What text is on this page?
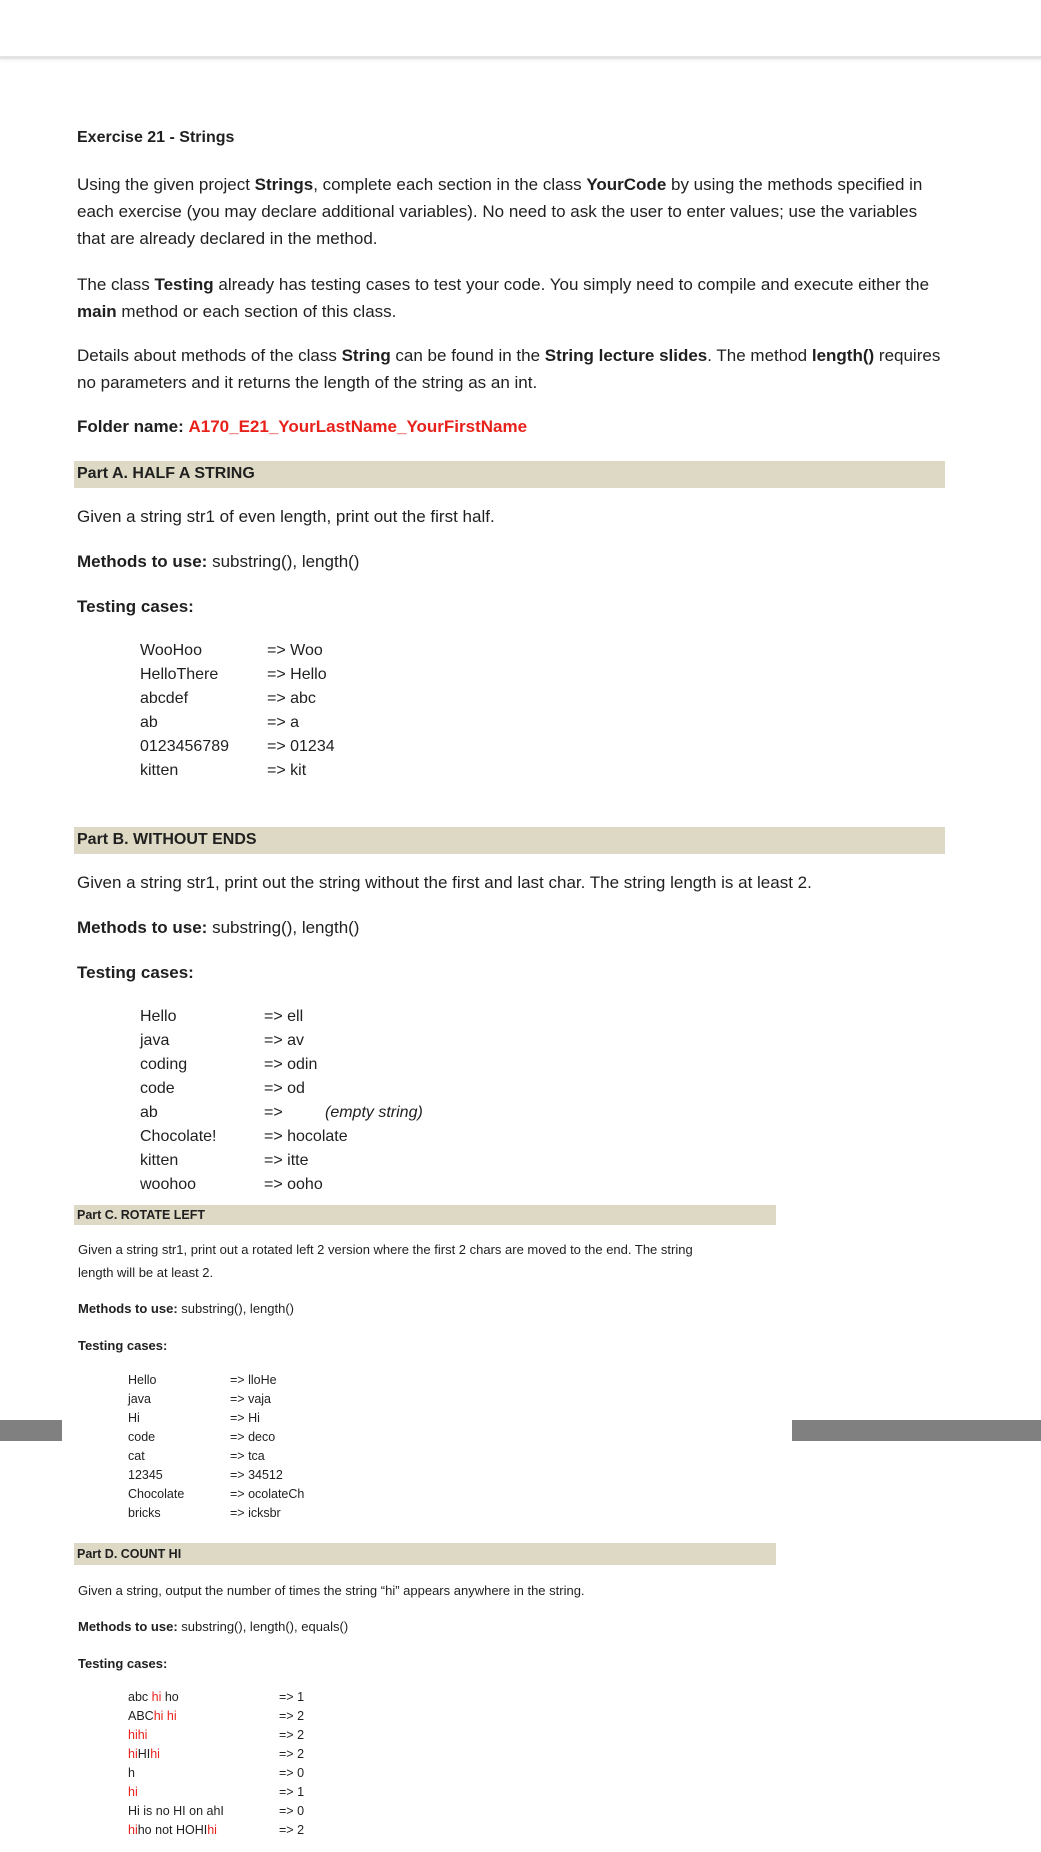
Exercise 21 - Strings
Using the given project Strings, complete each section in the class YourCode by using the methods specified in each exercise (you may declare additional variables). No need to ask the user to enter values; use the variables that are already declared in the method.
The class Testing already has testing cases to test your code. You simply need to compile and execute either the main method or each section of this class.
Details about methods of the class String can be found in the String lecture slides. The method length() requires no parameters and it returns the length of the string as an int.
Folder name: A170_E21_YourLastName_YourFirstName
Part A. HALF A STRING
Given a string str1 of even length, print out the first half.
Methods to use: substring(), length()
Testing cases:
WooHoo	=> Woo
HelloThere	=> Hello
abcdef	=> abc
ab	=> a
0123456789 => 01234
kitten	=> kit
Part B. WITHOUT ENDS
Given a string str1, print out the string without the first and last char. The string length is at least 2.
Methods to use: substring(), length()
Testing cases:
Hello	=> ell
java	=> av
coding	=> odin
code	=> od
ab	=>	(empty string)
Chocolate!	=> hocolate
kitten	=> itte
woohoo	=> ooho
Part C. ROTATE LEFT
Given a string str1, print out a rotated left 2 version where the first 2 chars are moved to the end. The string
length will be at least 2.
Methods to use: substring(), length()
Testing cases:
Hello	=> lloHe
java	=> vaja
Hi	=> Hi
code	=> deco
cat	=> tca
12345	=> 34512
Chocolate	=> ocolateCh
bricks	=> icksbr
Part D. COUNT HI
Given a string, output the number of times the string “hi” appears anywhere in the string.
Methods to use: substring(), length(), equals()
Testing cases:
abc hi ho	=> 1
ABChi hi	=> 2
hihi	=> 2
hiHIhi	=> 2
h	=> 0
hi	=> 1
Hi is no HI on ahI	=> 0
hiho not HOHIhi	=> 2
